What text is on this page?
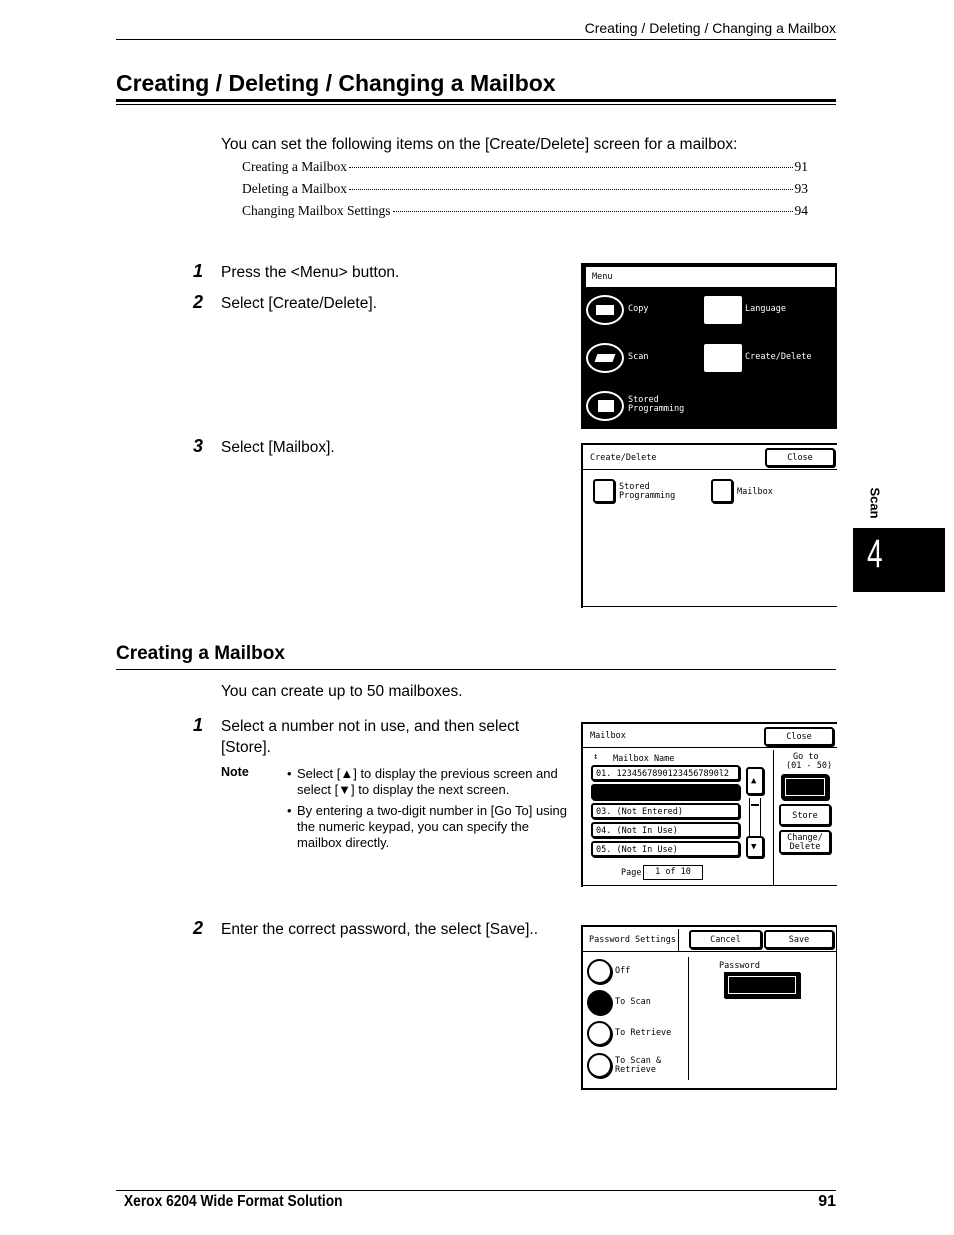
Creating / Deleting / Changing a Mailbox
Creating / Deleting / Changing a Mailbox
You can set the following items on the [Create/Delete] screen for a mailbox:
Creating a Mailbox	91
Deleting a Mailbox	93
Changing Mailbox Settings	94
1 Press the <Menu> button.
2 Select [Create/Delete].
3 Select [Mailbox].
Menu
Copy	Language
Scan	Create/Delete
Stored Programming
Create/Delete	Close
Stored Programming	Mailbox
Creating a Mailbox
You can create up to 50 mailboxes.
1 Select a number not in use, and then select [Store].
Note	• Select [▲] to display the previous screen and select [▼] to display the next screen.
• By entering a two-digit number in [Go To] using the numeric keypad, you can specify the mailbox directly.
Mailbox	Close
↕ Mailbox Name
01. 12345678901234567890l2
03. (Not Entered)
04. (Not In Use)
05. (Not In Use)
▲
▼
Go to
(01 - 50)
Store
Change/ Delete
Page	1 of 10
2 Enter the correct password, the select [Save]..
Password Settings	Cancel	Save
Off
To Scan
To Retrieve
To Scan & Retrieve
Password
Scan
4
Xerox 6204 Wide Format Solution	91
